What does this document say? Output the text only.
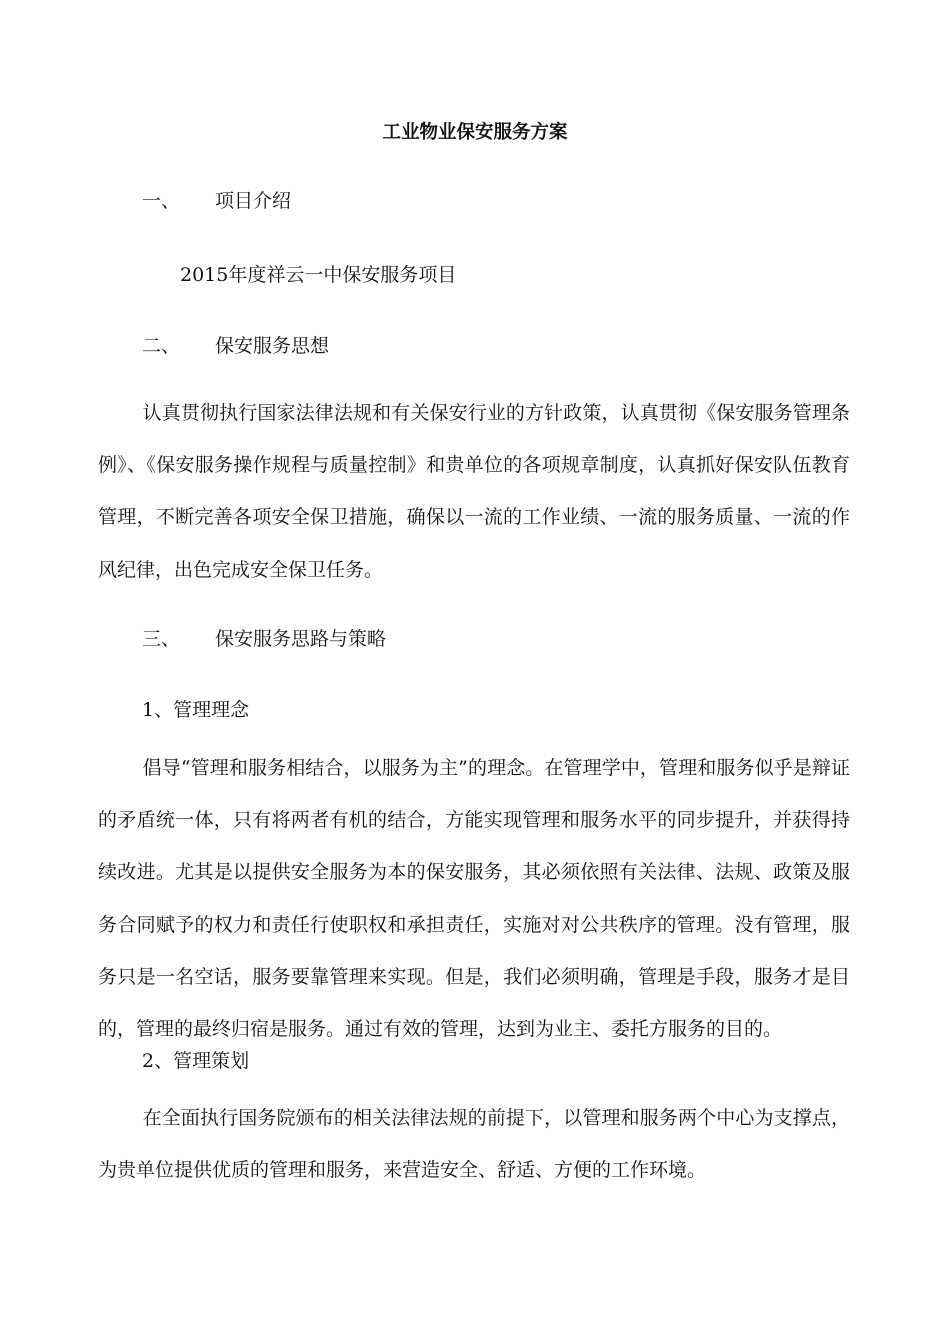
工业物业保安服务方案
一、 项目介绍
2015年度祥云一中保安服务项目
二、 保安服务思想

认真贯彻执行国家法律法规和有关保安行业的方针政策，认真贯彻《保安服务管理条例》、《保安服务操作规程与质量控制》和贵单位的各项规章制度，认真抓好保安队伍教育管理，不断完善各项安全保卫措施，确保以一流的工作业绩、一流的服务质量、一流的作风纪律，出色完成安全保卫任务。

三、 保安服务思路与策略
1、管理理念

倡导“管理和服务相结合，以服务为主”的理念。在管理学中，管理和服务似乎是辩证的矛盾统一体，只有将两者有机的结合，方能实现管理和服务水平的同步提升，并获得持续改进。尤其是以提供安全服务为本的保安服务，其必须依照有关法律、法规、政策及服务合同赋予的权力和责任行使职权和承担责任，实施对对公共秩序的管理。没有管理，服务只是一名空话，服务要靠管理来实现。但是，我们必须明确，管理是手段，服务才是目的，管理的最终归宿是服务。通过有效的管理，达到为业主、委托方服务的目的。

2、管理策划

在全面执行国务院颁布的相关法律法规的前提下，以管理和服务两个中心为支撑点，为贵单位提供优质的管理和服务，来营造安全、舒适、方便的工作环境。
